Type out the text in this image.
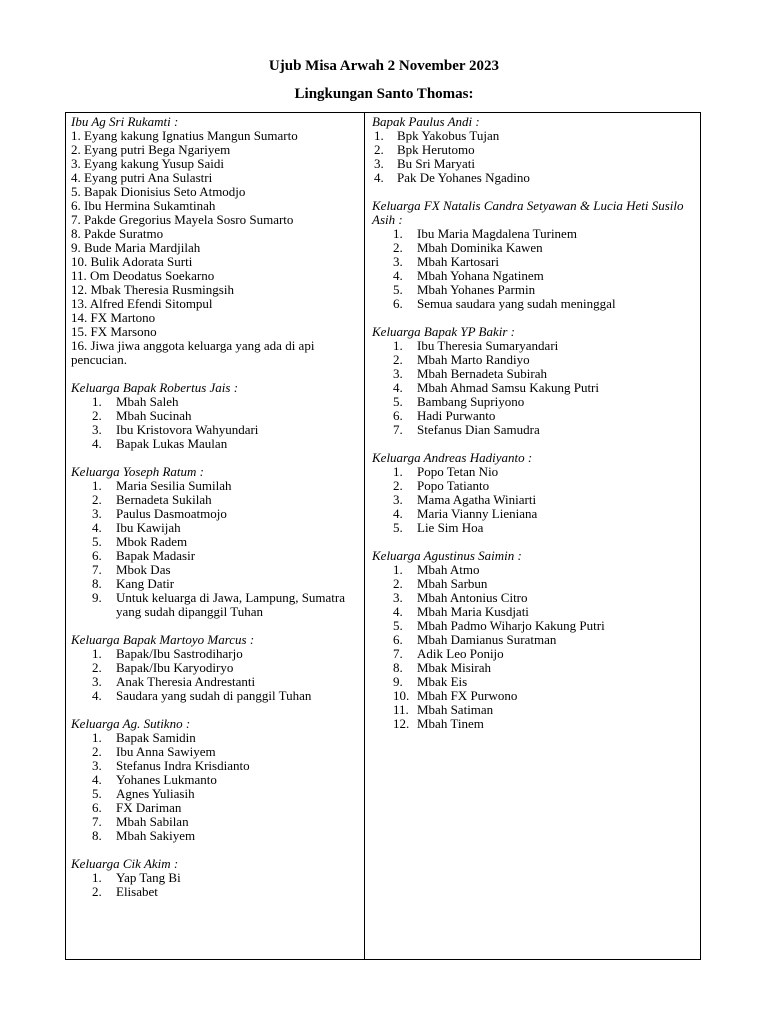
Ujub Misa Arwah 2 November 2023
Lingkungan Santo Thomas:
Ibu Ag Sri Rukamti :
1. Eyang kakung Ignatius Mangun Sumarto
2. Eyang putri Bega Ngariyem
3. Eyang kakung Yusup Saidi
4. Eyang putri Ana Sulastri
5. Bapak Dionisius Seto Atmodjo
6. Ibu Hermina Sukamtinah
7. Pakde Gregorius Mayela Sosro Sumarto
8. Pakde Suratmo
9. Bude Maria Mardjilah
10. Bulik Adorata Surti
11. Om Deodatus Soekarno
12. Mbak Theresia Rusmingsih
13. Alfred Efendi Sitompul
14. FX Martono
15. FX Marsono
16. Jiwa jiwa anggota keluarga yang ada di api pencucian.
Keluarga Bapak Robertus Jais :
1. Mbah Saleh
2. Mbah Sucinah
3. Ibu Kristovora Wahyundari
4. Bapak Lukas Maulan
Keluarga Yoseph Ratum :
1. Maria Sesilia Sumilah
2. Bernadeta Sukilah
3. Paulus Dasmoatmojo
4. Ibu Kawijah
5. Mbok Radem
6. Bapak Madasir
7. Mbok Das
8. Kang Datir
9. Untuk keluarga di Jawa, Lampung, Sumatra yang sudah dipanggil Tuhan
Keluarga Bapak Martoyo Marcus :
1. Bapak/Ibu Sastrodiharjo
2. Bapak/Ibu Karyodiryo
3. Anak Theresia Andrestanti
4. Saudara yang sudah di panggil Tuhan
Keluarga Ag. Sutikno :
1. Bapak Samidin
2. Ibu Anna Sawiyem
3. Stefanus Indra Krisdianto
4. Yohanes Lukmanto
5. Agnes Yuliasih
6. FX Dariman
7. Mbah Sabilan
8. Mbah Sakiyem
Keluarga Cik Akim :
1. Yap Tang Bi
2. Elisabet
Bapak Paulus Andi :
1. Bpk Yakobus Tujan
2. Bpk Herutomo
3. Bu Sri Maryati
4. Pak De Yohanes Ngadino
Keluarga FX Natalis Candra Setyawan & Lucia Heti Susilo Asih :
1. Ibu Maria Magdalena Turinem
2. Mbah Dominika Kawen
3. Mbah Kartosari
4. Mbah Yohana Ngatinem
5. Mbah Yohanes Parmin
6. Semua saudara yang sudah meninggal
Keluarga Bapak YP Bakir :
1. Ibu Theresia Sumaryandari
2. Mbah Marto Randiyo
3. Mbah Bernadeta Subirah
4. Mbah Ahmad Samsu Kakung Putri
5. Bambang Supriyono
6. Hadi Purwanto
7. Stefanus Dian Samudra
Keluarga Andreas Hadiyanto :
1. Popo Tetan Nio
2. Popo Tatianto
3. Mama Agatha Winiarti
4. Maria Vianny Lieniana
5. Lie Sim Hoa
Keluarga Agustinus Saimin :
1. Mbah Atmo
2. Mbah Sarbun
3. Mbah Antonius Citro
4. Mbah Maria Kusdjati
5. Mbah Padmo Wiharjo Kakung Putri
6. Mbah Damianus Suratman
7. Adik Leo Ponijo
8. Mbak Misirah
9. Mbak Eis
10. Mbah FX Purwono
11. Mbah Satiman
12. Mbah Tinem
